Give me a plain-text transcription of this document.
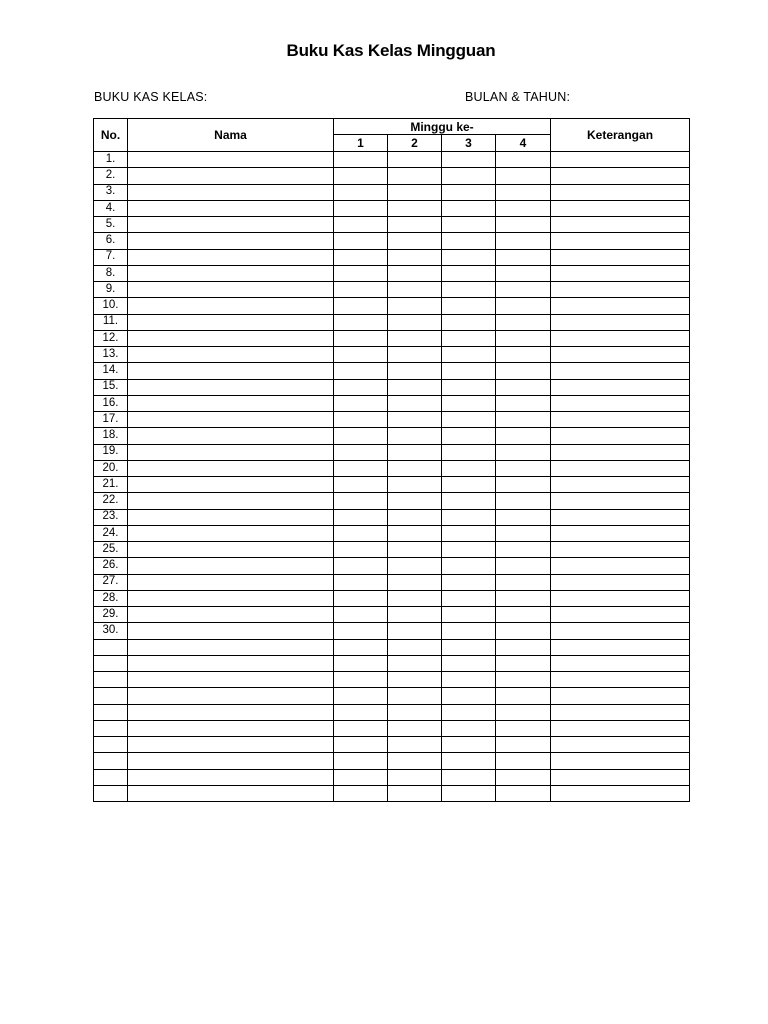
Buku Kas Kelas Mingguan
BUKU KAS KELAS:	BULAN & TAHUN:
No.	Nama	Minggu ke-				Keterangan
		1	2	3	4	
1.						
2.						
3.						
4.						
5.						
6.						
7.						
8.						
9.						
10.						
11.						
12.						
13.						
14.						
15.						
16.						
17.						
18.						
19.						
20.						
21.						
22.						
23.						
24.						
25.						
26.						
27.						
28.						
29.						
30.						
